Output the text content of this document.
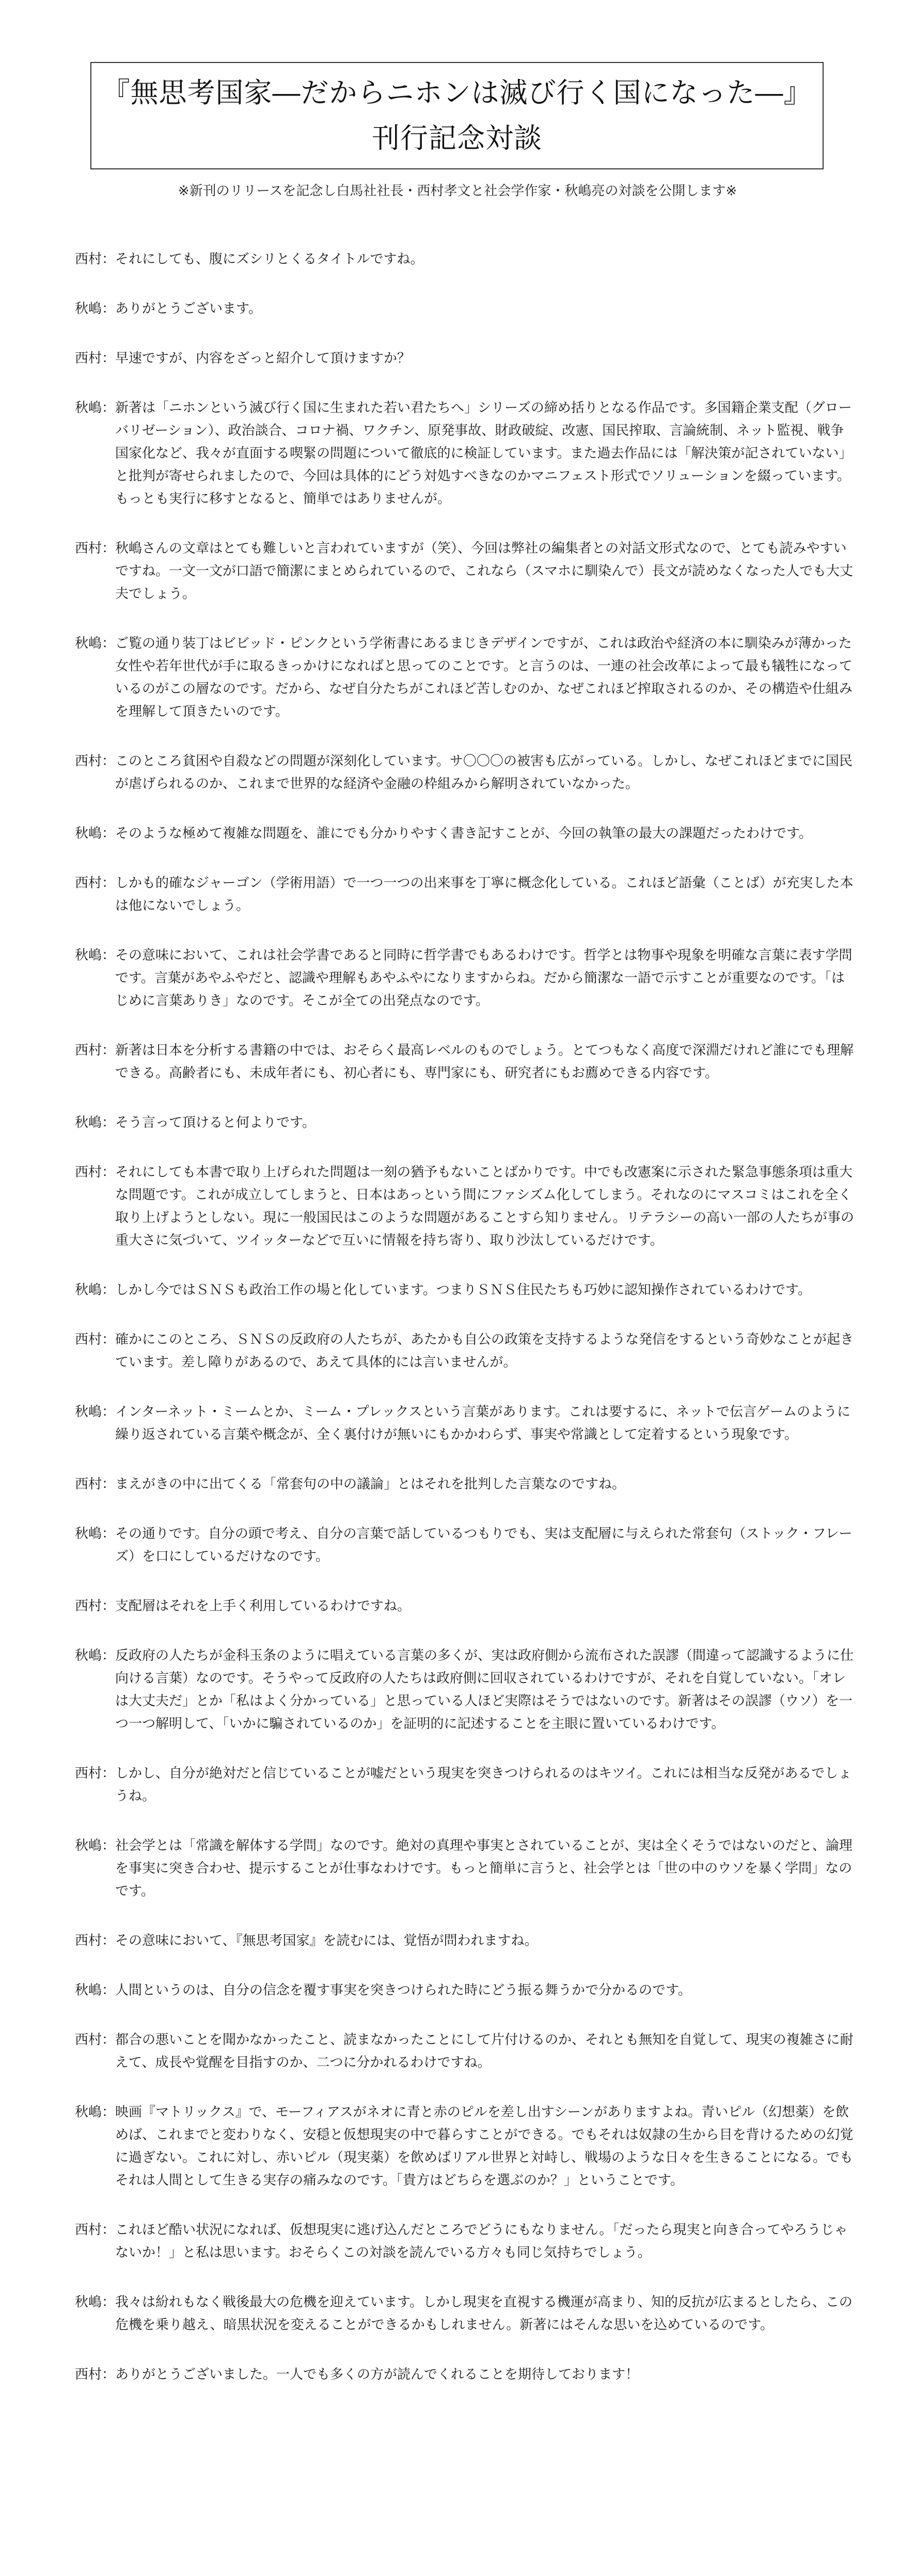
『無思考国家―だからニホンは滅び行く国になった―』
刊行記念対談
※新刊のリリースを記念し白馬社社長・西村孝文と社会学作家・秋嶋亮の対談を公開します※
西村： それにしても、腹にズシリとくるタイトルですね。
秋嶋： ありがとうございます。
西村： 早速ですが、内容をざっと紹介して頂けますか？
秋嶋： 新著は「ニホンという滅び行く国に生まれた若い君たちへ」シリーズの締め括りとなる作品です。多国籍企業支配（グローバリゼーション）、政治談合、コロナ禍、ワクチン、原発事故、財政破綻、改憲、国民搾取、言論統制、ネット監視、戦争国家化など、我々が直面する喫緊の問題について徹底的に検証しています。また過去作品には「解決策が記されていない」と批判が寄せられましたので、今回は具体的にどう対処すべきなのかマニフェスト形式でソリューションを綴っています。もっとも実行に移すとなると、簡単ではありませんが。
西村： 秋嶋さんの文章はとても難しいと言われていますが（笑）、今回は弊社の編集者との対話文形式なので、とても読みやすいですね。一文一文が口語で簡潔にまとめられているので、これなら（スマホに馴染んで）長文が読めなくなった人でも大丈夫でしょう。
秋嶋： ご覧の通り装丁はビビッド・ピンクという学術書にあるまじきデザインですが、これは政治や経済の本に馴染みが薄かった女性や若年世代が手に取るきっかけになればと思ってのことです。と言うのは、一連の社会改革によって最も犠牲になっているのがこの層なのです。だから、なぜ自分たちがこれほど苦しむのか、なぜこれほど搾取されるのか、その構造や仕組みを理解して頂きたいのです。
西村： このところ貧困や自殺などの問題が深刻化しています。サ〇〇〇の被害も広がっている。しかし、なぜこれほどまでに国民が虐げられるのか、これまで世界的な経済や金融の枠組みから解明されていなかった。
秋嶋： そのような極めて複雑な問題を、誰にでも分かりやすく書き記すことが、今回の執筆の最大の課題だったわけです。
西村： しかも的確なジャーゴン（学術用語）で一つ一つの出来事を丁寧に概念化している。これほど語彙（ことば）が充実した本は他にないでしょう。
秋嶋： その意味において、これは社会学書であると同時に哲学書でもあるわけです。哲学とは物事や現象を明確な言葉に表す学問です。言葉があやふやだと、認識や理解もあやふやになりますからね。だから簡潔な一語で示すことが重要なのです。「はじめに言葉ありき」なのです。そこが全ての出発点なのです。
西村： 新著は日本を分析する書籍の中では、おそらく最高レベルのものでしょう。とてつもなく高度で深淵だけれど誰にでも理解できる。高齢者にも、未成年者にも、初心者にも、専門家にも、研究者にもお薦めできる内容です。
秋嶋： そう言って頂けると何よりです。
西村： それにしても本書で取り上げられた問題は一刻の猶予もないことばかりです。中でも改憲案に示された緊急事態条項は重大な問題です。これが成立してしまうと、日本はあっという間にファシズム化してしまう。それなのにマスコミはこれを全く取り上げようとしない。現に一般国民はこのような問題があることすら知りません。リテラシーの高い一部の人たちが事の重大さに気づいて、ツイッターなどで互いに情報を持ち寄り、取り沙汰しているだけです。
秋嶋： しかし今ではＳＮＳも政治工作の場と化しています。つまりＳＮＳ住民たちも巧妙に認知操作されているわけです。
西村： 確かにこのところ、ＳＮＳの反政府の人たちが、あたかも自公の政策を支持するような発信をするという奇妙なことが起きています。差し障りがあるので、あえて具体的には言いませんが。
秋嶋： インターネット・ミームとか、ミーム・プレックスという言葉があります。これは要するに、ネットで伝言ゲームのように繰り返されている言葉や概念が、全く裏付けが無いにもかかわらず、事実や常識として定着するという現象です。
西村： まえがきの中に出てくる「常套句の中の議論」とはそれを批判した言葉なのですね。
秋嶋： その通りです。自分の頭で考え、自分の言葉で話しているつもりでも、実は支配層に与えられた常套句（ストック・フレーズ）を口にしているだけなのです。
西村： 支配層はそれを上手く利用しているわけですね。
秋嶋： 反政府の人たちが金科玉条のように唱えている言葉の多くが、実は政府側から流布された誤謬（間違って認識するように仕向ける言葉）なのです。そうやって反政府の人たちは政府側に回収されているわけですが、それを自覚していない。「オレは大丈夫だ」とか「私はよく分かっている」と思っている人ほど実際はそうではないのです。新著はその誤謬（ウソ）を一つ一つ解明して、「いかに騙されているのか」を証明的に記述することを主眼に置いているわけです。
西村： しかし、自分が絶対だと信じていることが嘘だという現実を突きつけられるのはキツイ。これには相当な反発があるでしょうね。
秋嶋： 社会学とは「常識を解体する学問」なのです。絶対の真理や事実とされていることが、実は全くそうではないのだと、論理を事実に突き合わせ、提示することが仕事なわけです。もっと簡単に言うと、社会学とは「世の中のウソを暴く学問」なのです。
西村： その意味において、『無思考国家』を読むには、覚悟が問われますね。
秋嶋： 人間というのは、自分の信念を覆す事実を突きつけられた時にどう振る舞うかで分かるのです。
西村： 都合の悪いことを聞かなかったこと、読まなかったことにして片付けるのか、それとも無知を自覚して、現実の複雑さに耐えて、成長や覚醒を目指すのか、二つに分かれるわけですね。
秋嶋： 映画『マトリックス』で、モーフィアスがネオに青と赤のピルを差し出すシーンがありますよね。青いピル（幻想薬）を飲めば、これまでと変わりなく、安穏と仮想現実の中で暮らすことができる。でもそれは奴隷の生から目を背けるための幻覚に過ぎない。これに対し、赤いピル（現実薬）を飲めばリアル世界と対峙し、戦場のような日々を生きることになる。でもそれは人間として生きる実存の痛みなのです。「貴方はどちらを選ぶのか？」ということです。
西村： これほど酷い状況になれば、仮想現実に逃げ込んだところでどうにもなりません。「だったら現実と向き合ってやろうじゃないか！」と私は思います。おそらくこの対談を読んでいる方々も同じ気持ちでしょう。
秋嶋： 我々は紛れもなく戦後最大の危機を迎えています。しかし現実を直視する機運が高まり、知的反抗が広まるとしたら、この危機を乗り越え、暗黒状況を変えることができるかもしれません。新著にはそんな思いを込めているのです。
西村： ありがとうございました。一人でも多くの方が読んでくれることを期待しております！
